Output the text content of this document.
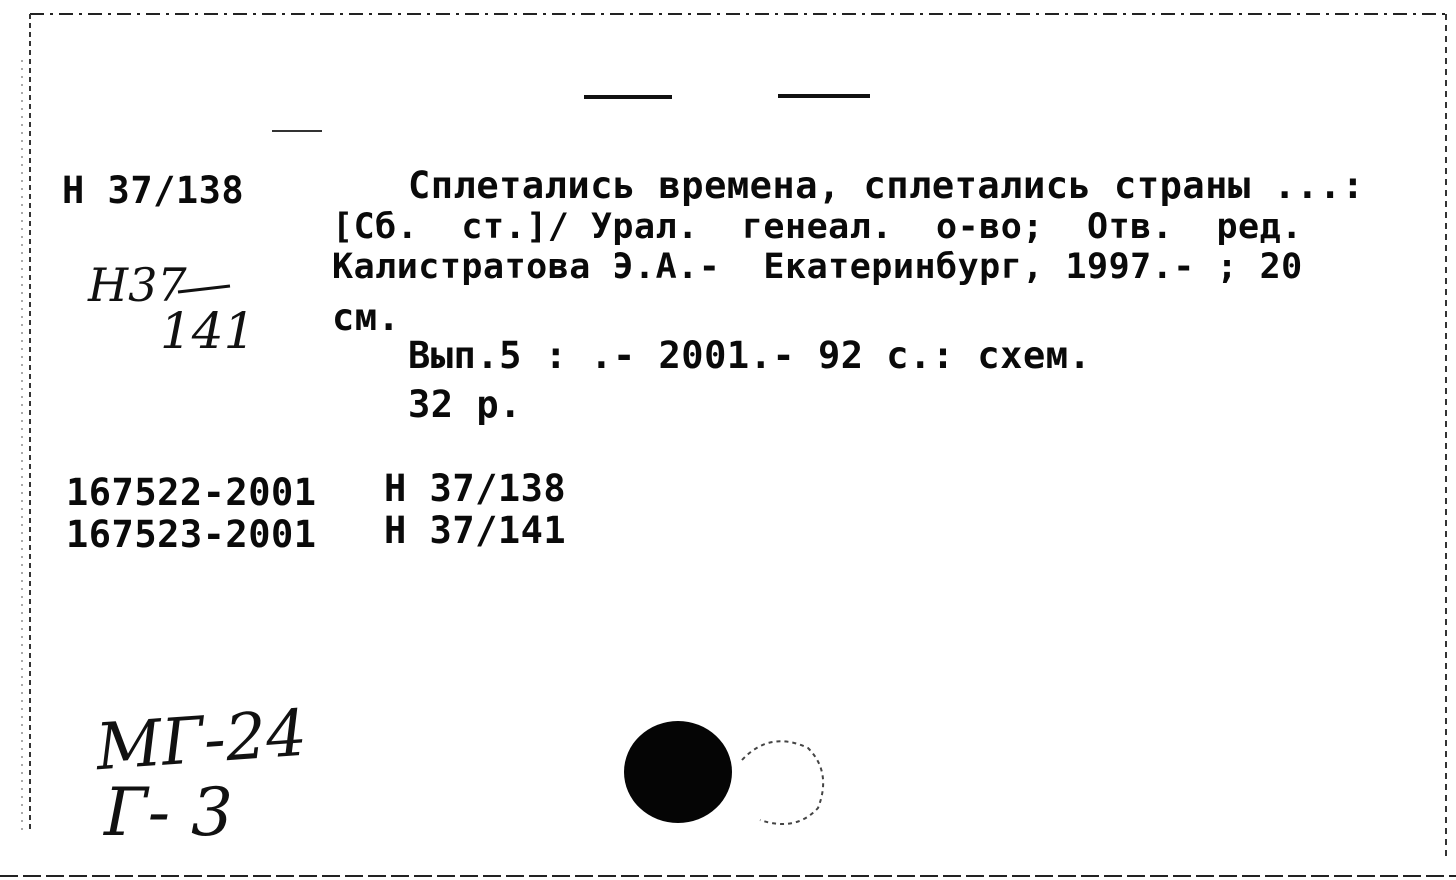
Н 37/138
Н37
141
Сплетались времена, сплетались страны ...:
[Сб.  ст.]/ Урал.  генеал.  о-во;  Отв.  ред.
Калистратова Э.А.-  Екатеринбург, 1997.- ; 20
см.
Вып.5 : .- 2001.- 92 с.: схем.
32 р.
167522-2001 Н 37/138
167523-2001 Н 37/141
МГ-24
Г- 3
